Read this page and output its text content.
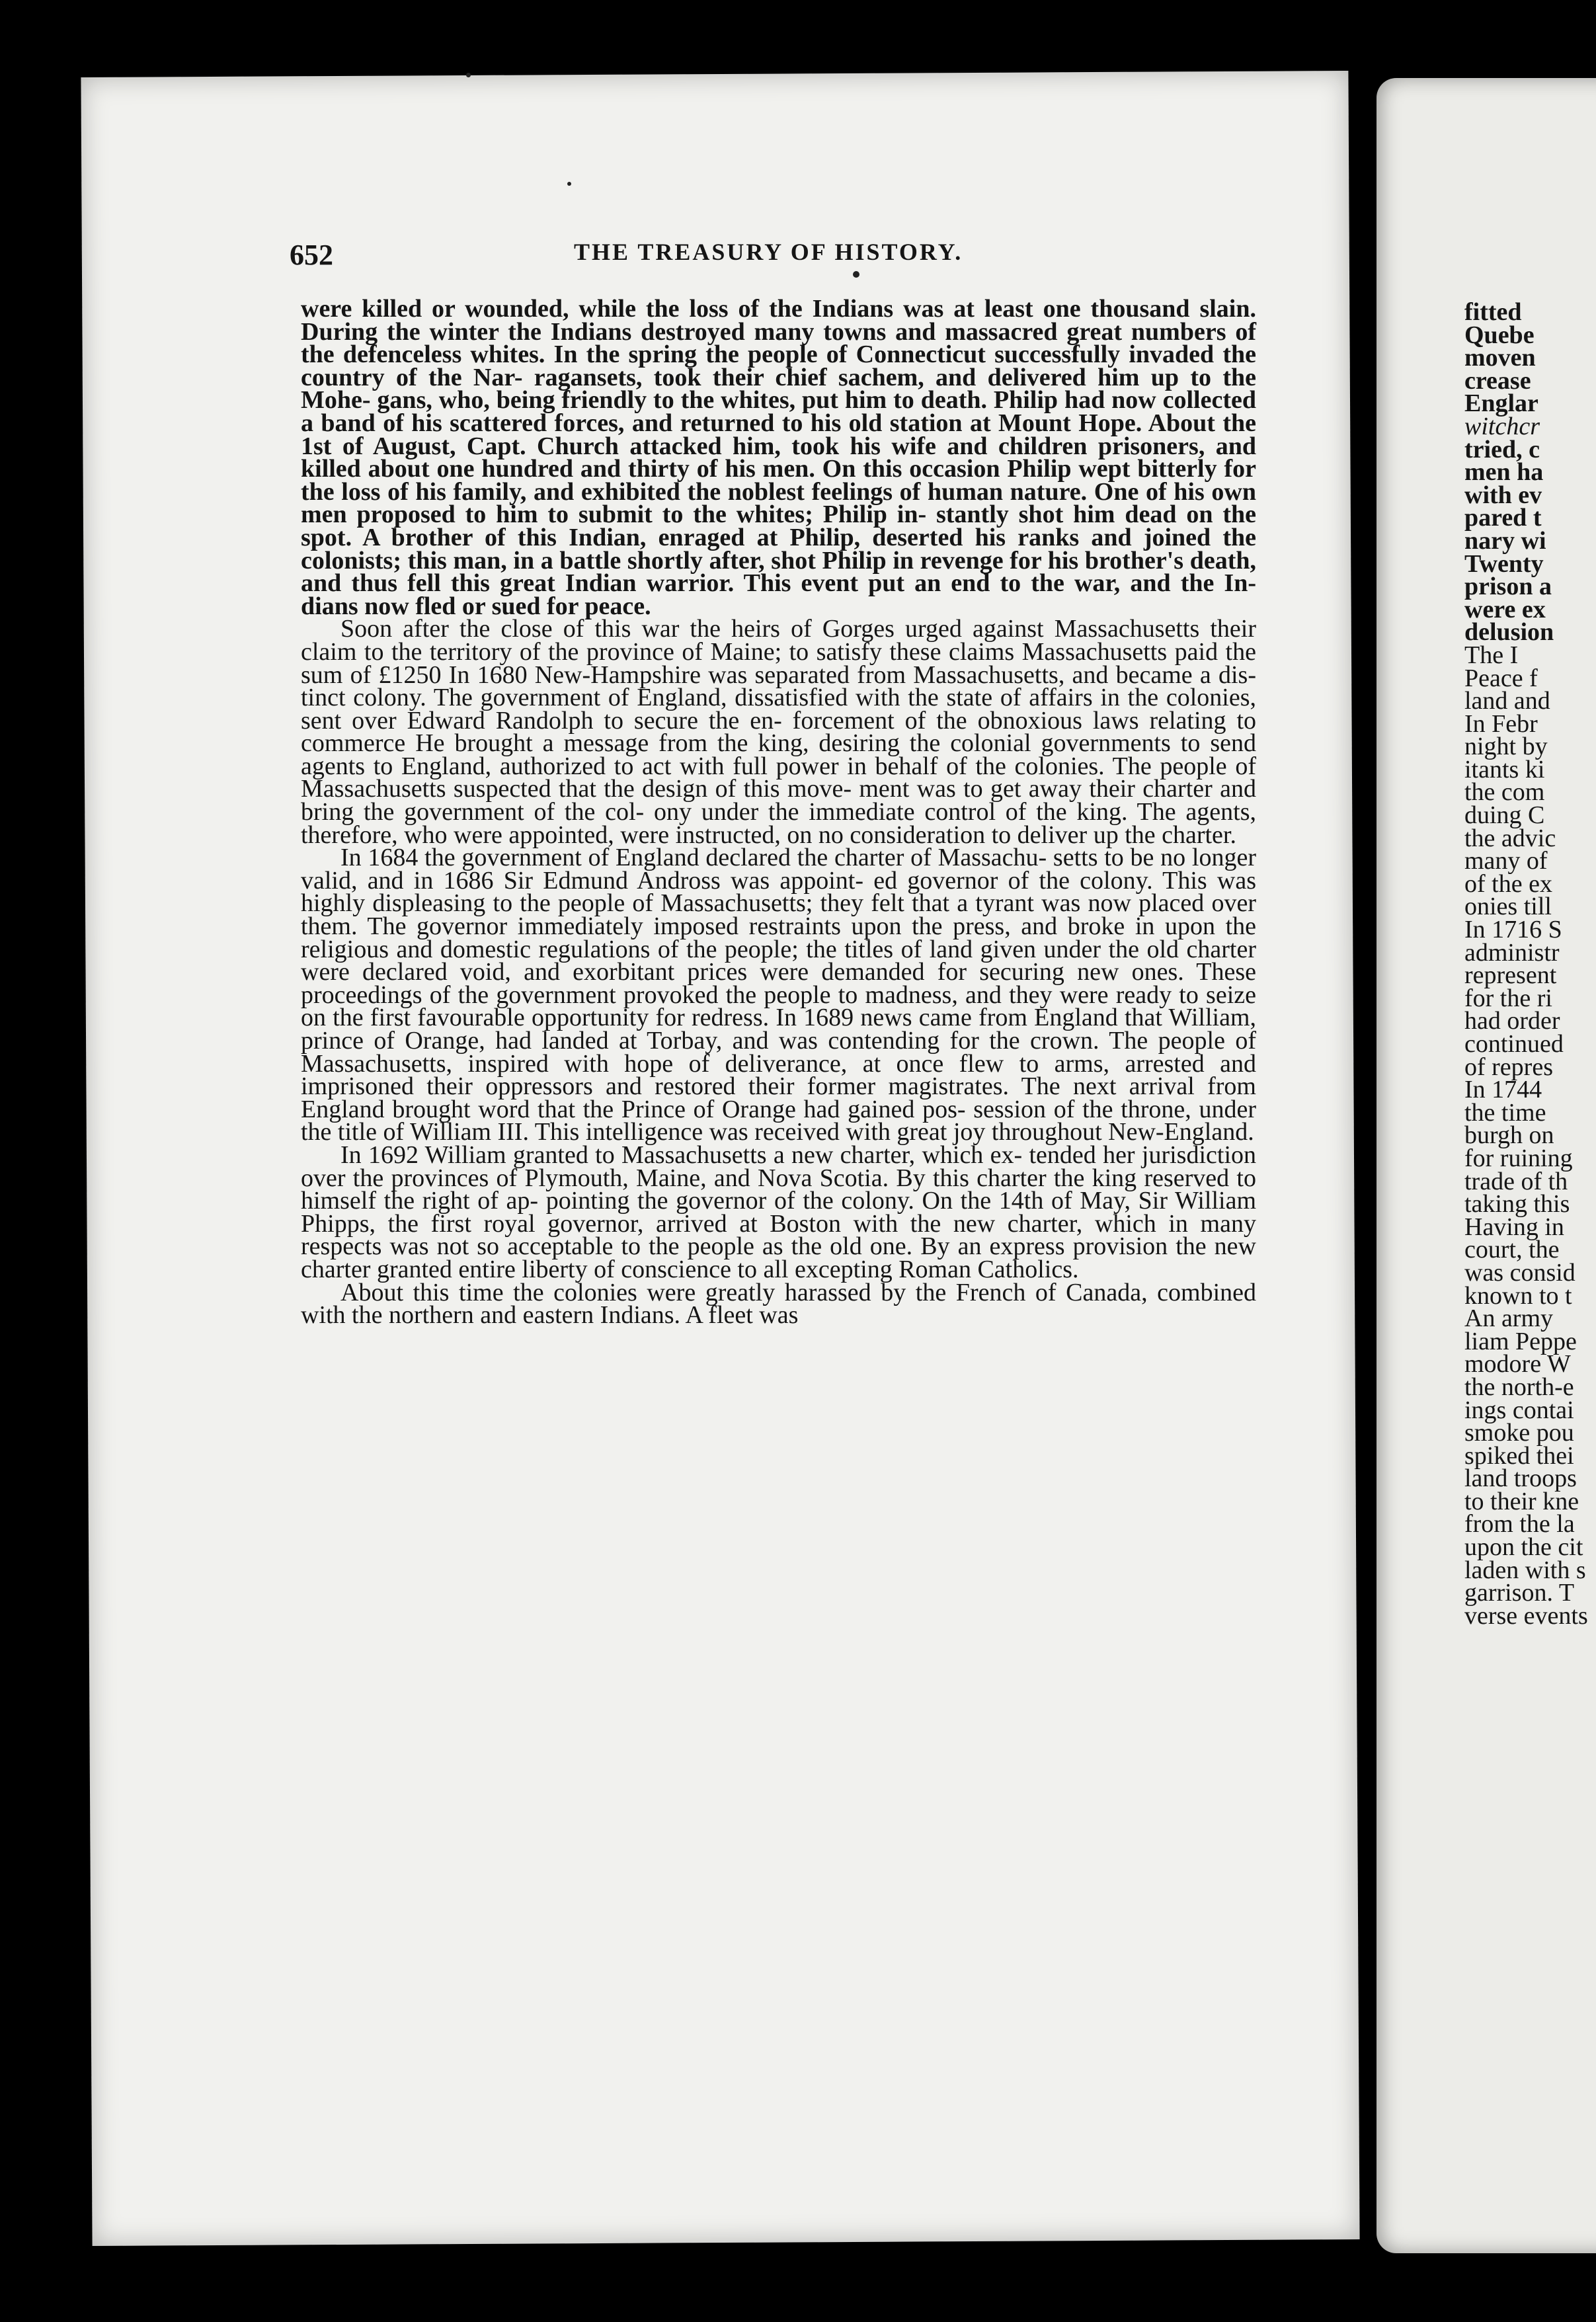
652	THE TREASURY OF HISTORY.

were killed or wounded, while the loss of the Indians was at least one thousand slain. During the winter the Indians destroyed many towns and massacred great numbers of the defenceless whites. In the spring the people of Connecticut successfully invaded the country of the Nar- ragansets, took their chief sachem, and delivered him up to the Mohe- gans, who, being friendly to the whites, put him to death. Philip had now collected a band of his scattered forces, and returned to his old station at Mount Hope. About the 1st of August, Capt. Church attacked him, took his wife and children prisoners, and killed about one hundred and thirty of his men. On this occasion Philip wept bitterly for the loss of his family, and exhibited the noblest feelings of human nature. One of his own men proposed to him to submit to the whites; Philip in- stantly shot him dead on the spot. A brother of this Indian, enraged at Philip, deserted his ranks and joined the colonists; this man, in a battle shortly after, shot Philip in revenge for his brother's death, and thus fell this great Indian warrior. This event put an end to the war, and the In- dians now fled or sued for peace.

Soon after the close of this war the heirs of Gorges urged against Massachusetts their claim to the territory of the province of Maine; to satisfy these claims Massachusetts paid the sum of £1250 In 1680 New-Hampshire was separated from Massachusetts, and became a dis- tinct colony. The government of England, dissatisfied with the state of affairs in the colonies, sent over Edward Randolph to secure the en- forcement of the obnoxious laws relating to commerce He brought a message from the king, desiring the colonial governments to send agents to England, authorized to act with full power in behalf of the colonies. The people of Massachusetts suspected that the design of this move- ment was to get away their charter and bring the government of the col- ony under the immediate control of the king. The agents, therefore, who were appointed, were instructed, on no consideration to deliver up the charter.

In 1684 the government of England declared the charter of Massachu- setts to be no longer valid, and in 1686 Sir Edmund Andross was appoint- ed governor of the colony. This was highly displeasing to the people of Massachusetts; they felt that a tyrant was now placed over them. The governor immediately imposed restraints upon the press, and broke in upon the religious and domestic regulations of the people; the titles of land given under the old charter were declared void, and exorbitant prices were demanded for securing new ones. These proceedings of the government provoked the people to madness, and they were ready to seize on the first favourable opportunity for redress. In 1689 news came from England that William, prince of Orange, had landed at Torbay, and was contending for the crown. The people of Massachusetts, inspired with hope of deliverance, at once flew to arms, arrested and imprisoned their oppressors and restored their former magistrates. The next arrival from England brought word that the Prince of Orange had gained pos- session of the throne, under the title of William III. This intelligence was received with great joy throughout New-England.

In 1692 William granted to Massachusetts a new charter, which ex- tended her jurisdiction over the provinces of Plymouth, Maine, and Nova Scotia. By this charter the king reserved to himself the right of ap- pointing the governor of the colony. On the 14th of May, Sir William Phipps, the first royal governor, arrived at Boston with the new charter, which in many respects was not so acceptable to the people as the old one. By an express provision the new charter granted entire liberty of conscience to all excepting Roman Catholics.

About this time the colonies were greatly harassed by the French of Canada, combined with the northern and eastern Indians. A fleet was

fitted
Quebe
moven
crease
Englar
witchcr
tried, c
men ha
with ev
pared t
nary wi
Twenty
prison a
were ex
delusion
The I
Peace f
land and
In Febr
night by
itants ki
the com
duing C
the advic
many of
of the ex
onies till
In 1716 S
administr
represent
for the ri
had order
continued
of repres
In 1744
the time
burgh on
for ruining
trade of th
taking this
Having in
court, the
was consid
known to t
An army
liam Peppe
modore W
the north-e
ings contai
smoke pou
spiked thei
land troops
to their kne
from the la
upon the cit
laden with s
garrison. T
verse events
